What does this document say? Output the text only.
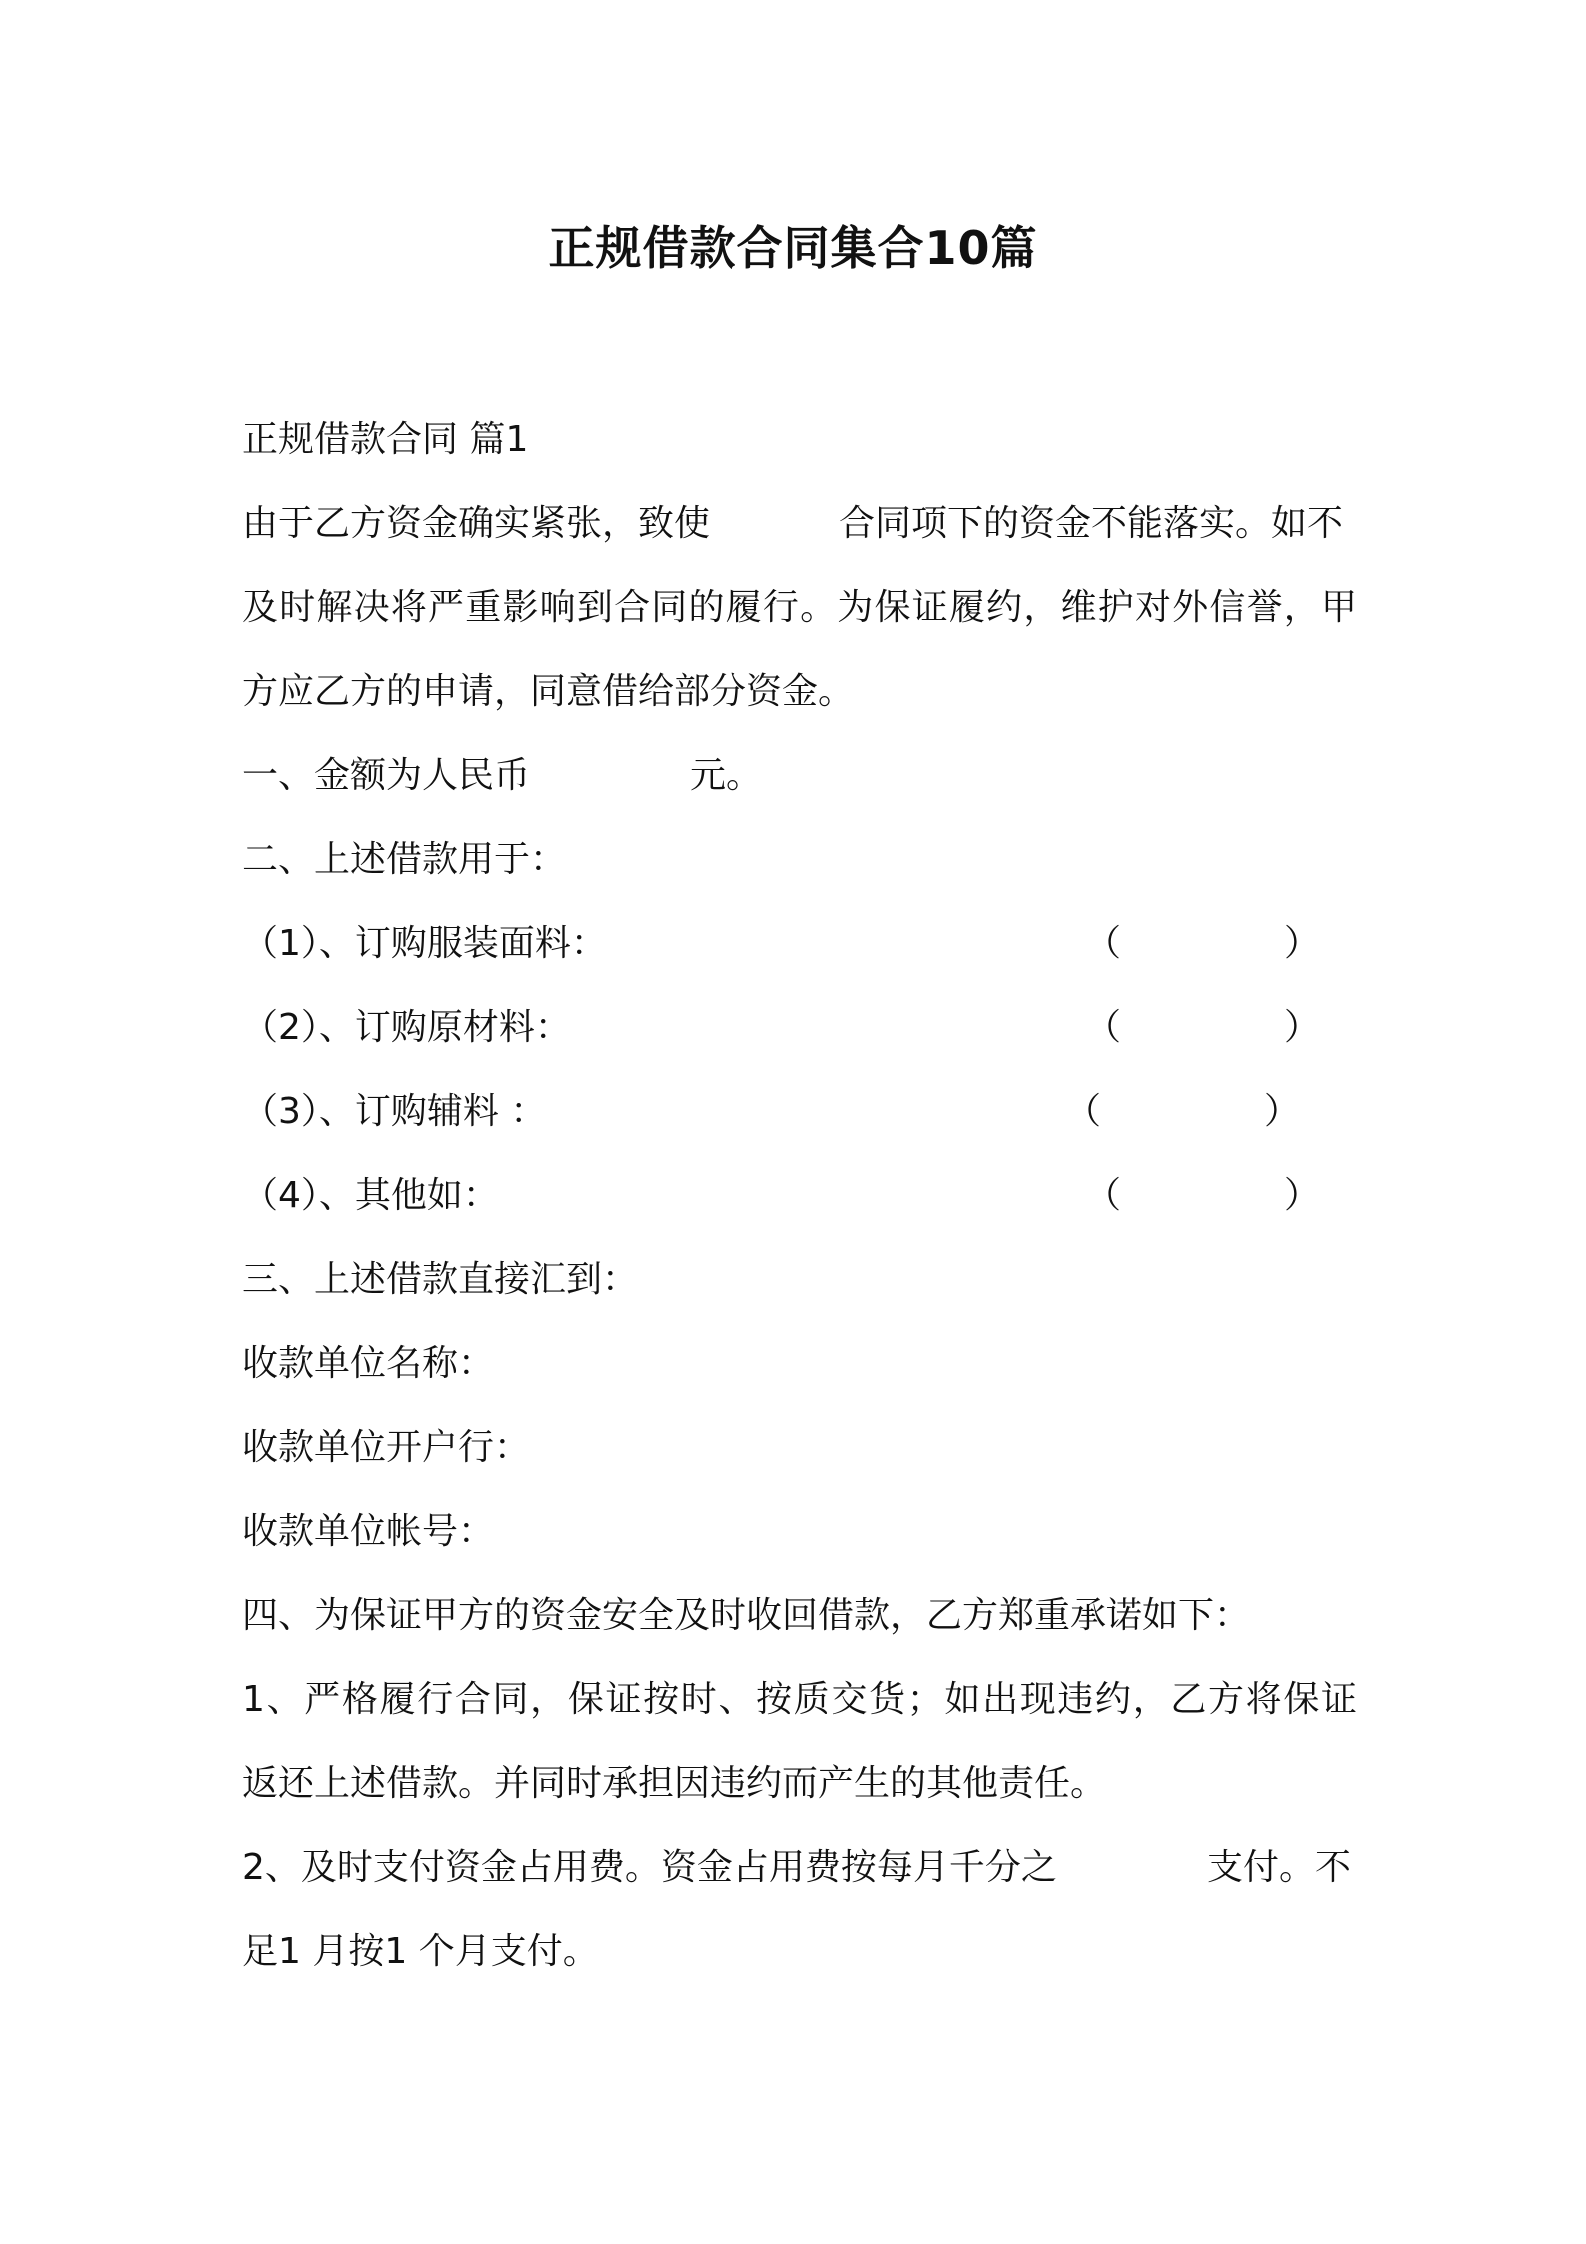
正规借款合同集合10篇
正规借款合同 篇1
由于乙方资金确实紧张，致使	合同项下的资金不能落实。如不
及时解决将严重影响到合同的履行。为保证履约，维护对外信誉，甲
方应乙方的申请，同意借给部分资金。
一、金额为人民币	元。
二、上述借款用于：
（1）、订购服装面料：	（	）
（2）、订购原材料：	（	）
（3）、订购辅料 ：	（	）
（4）、其他如：	（	）
三、上述借款直接汇到：
收款单位名称：
收款单位开户行：
收款单位帐号：
四、为保证甲方的资金安全及时收回借款，乙方郑重承诺如下：
1、严格履行合同，保证按时、按质交货；如出现违约，乙方将保证
返还上述借款。并同时承担因违约而产生的其他责任。
2、及时支付资金占用费。资金占用费按每月千分之	支付。不
足1 月按1 个月支付。
